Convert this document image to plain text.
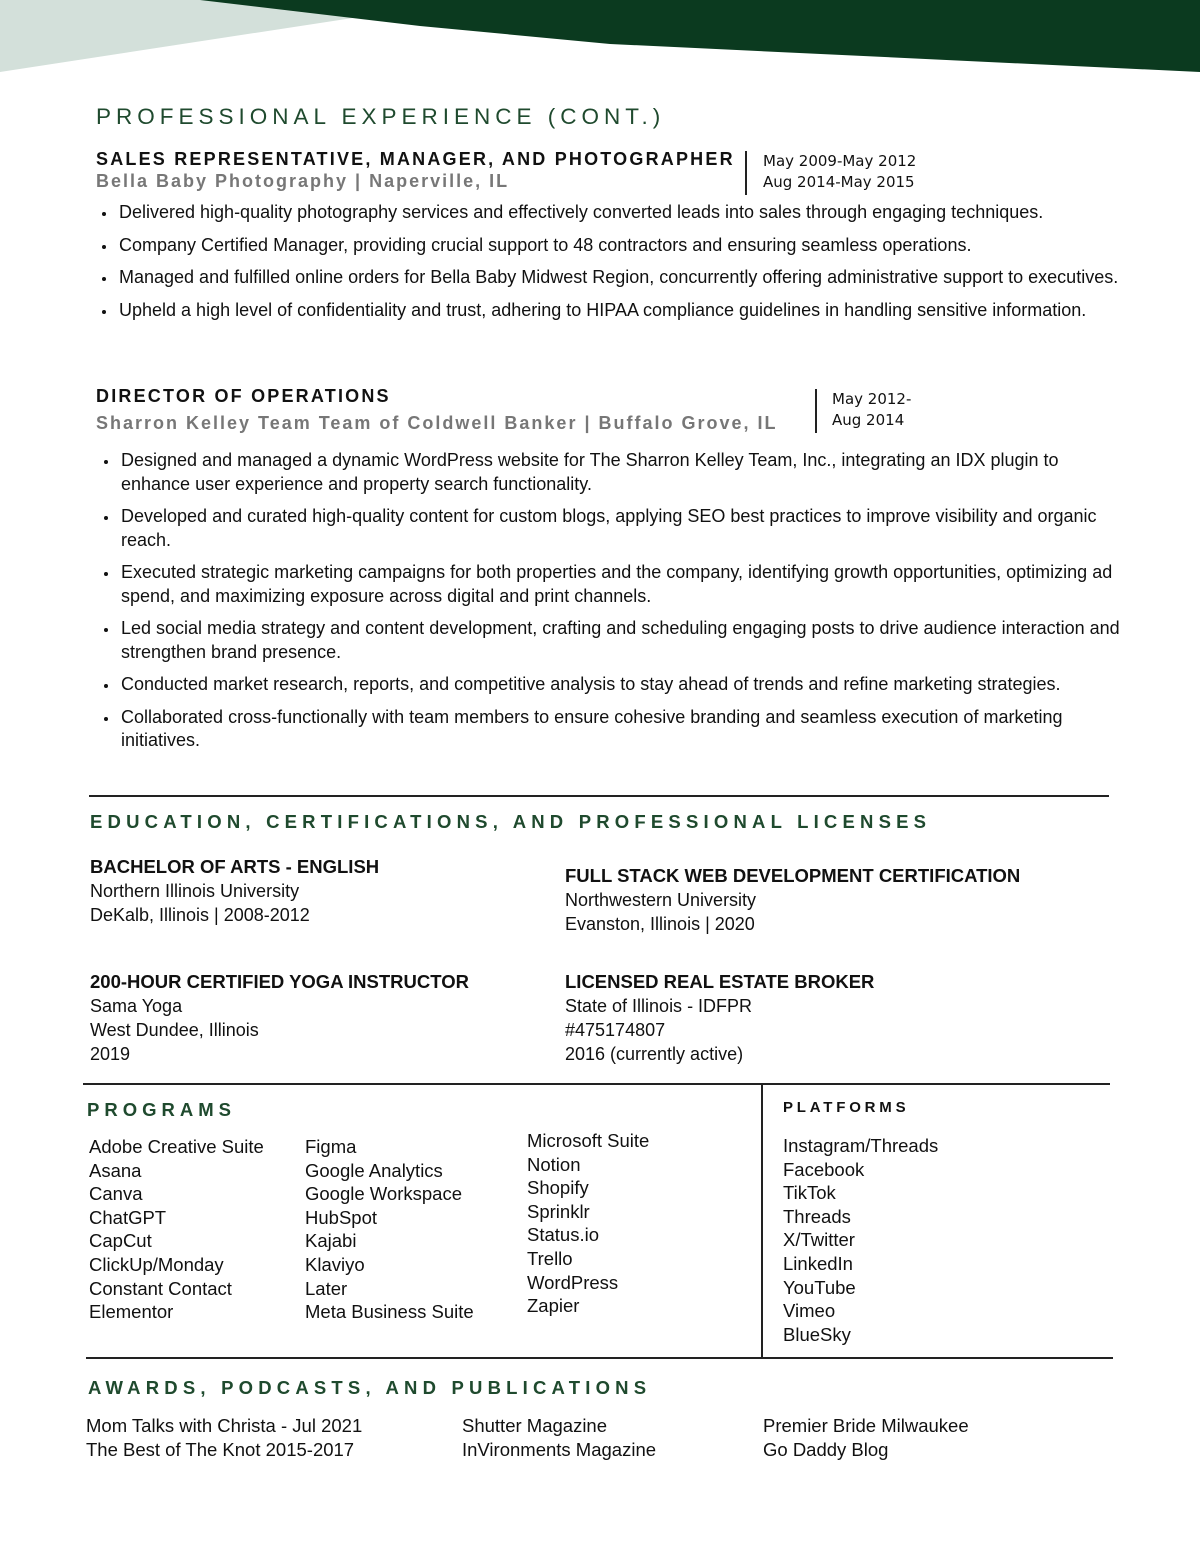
PROFESSIONAL EXPERIENCE (CONT.)
SALES REPRESENTATIVE, MANAGER, AND PHOTOGRAPHER
Bella Baby Photography | Naperville, IL
May 2009-May 2012
Aug 2014-May 2015
• Delivered high-quality photography services and effectively converted leads into sales through engaging techniques.
• Company Certified Manager, providing crucial support to 48 contractors and ensuring seamless operations.
• Managed and fulfilled online orders for Bella Baby Midwest Region, concurrently offering administrative support to executives.
• Upheld a high level of confidentiality and trust, adhering to HIPAA compliance guidelines in handling sensitive information.
DIRECTOR OF OPERATIONS
Sharron Kelley Team Team of Coldwell Banker | Buffalo Grove, IL
May 2012-
Aug 2014
• Designed and managed a dynamic WordPress website for The Sharron Kelley Team, Inc., integrating an IDX plugin to enhance user experience and property search functionality.
• Developed and curated high-quality content for custom blogs, applying SEO best practices to improve visibility and organic reach.
• Executed strategic marketing campaigns for both properties and the company, identifying growth opportunities, optimizing ad spend, and maximizing exposure across digital and print channels.
• Led social media strategy and content development, crafting and scheduling engaging posts to drive audience interaction and strengthen brand presence.
• Conducted market research, reports, and competitive analysis to stay ahead of trends and refine marketing strategies.
• Collaborated cross-functionally with team members to ensure cohesive branding and seamless execution of marketing initiatives.
EDUCATION, CERTIFICATIONS, AND PROFESSIONAL LICENSES
BACHELOR OF ARTS - ENGLISH
Northern Illinois University
DeKalb, Illinois | 2008-2012
FULL STACK WEB DEVELOPMENT CERTIFICATION
Northwestern University
Evanston, Illinois | 2020
200-HOUR CERTIFIED YOGA INSTRUCTOR
Sama Yoga
West Dundee, Illinois
2019
LICENSED REAL ESTATE BROKER
State of Illinois - IDFPR
#475174807
2016 (currently active)
PROGRAMS
Adobe Creative Suite
Asana
Canva
ChatGPT
CapCut
ClickUp/Monday
Constant Contact
Elementor
Figma
Google Analytics
Google Workspace
HubSpot
Kajabi
Klaviyo
Later
Meta Business Suite
Microsoft Suite
Notion
Shopify
Sprinklr
Status.io
Trello
WordPress
Zapier
PLATFORMS
Instagram/Threads
Facebook
TikTok
Threads
X/Twitter
LinkedIn
YouTube
Vimeo
BlueSky
AWARDS, PODCASTS, AND PUBLICATIONS
Mom Talks with Christa - Jul 2021
The Best of The Knot 2015-2017
Shutter Magazine
InVironments Magazine
Premier Bride Milwaukee
Go Daddy Blog
